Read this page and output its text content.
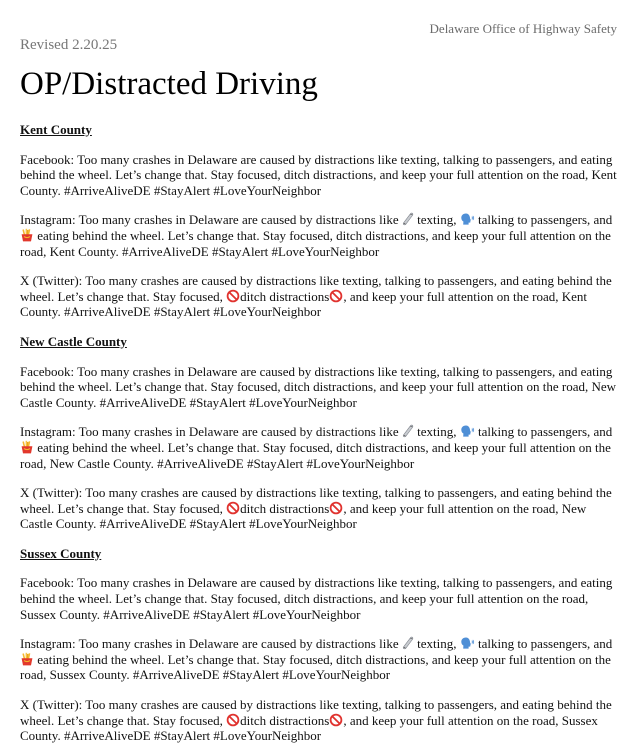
Delaware Office of Highway Safety
Revised 2.20.25
OP/Distracted Driving
Kent County

Facebook: Too many crashes in Delaware are caused by distractions like texting, talking to passengers, and eating behind the wheel. Let’s change that. Stay focused, ditch distractions, and keep your full attention on the road, Kent County. #ArriveAliveDE #StayAlert #LoveYourNeighbor

Instagram: Too many crashes in Delaware are caused by distractions like  texting,  talking to passengers, and  eating behind the wheel. Let’s change that. Stay focused, ditch distractions, and keep your full attention on the road, Kent County. #ArriveAliveDE #StayAlert #LoveYourNeighbor

X (Twitter): Too many crashes are caused by distractions like texting, talking to passengers, and eating behind the wheel. Let’s change that. Stay focused, ditch distractions , and keep your full attention on the road, Kent County. #ArriveAliveDE #StayAlert #LoveYourNeighbor

New Castle County

Facebook: Too many crashes in Delaware are caused by distractions like texting, talking to passengers, and eating behind the wheel. Let’s change that. Stay focused, ditch distractions, and keep your full attention on the road, New Castle County. #ArriveAliveDE #StayAlert #LoveYourNeighbor

Instagram: Too many crashes in Delaware are caused by distractions like  texting,  talking to passengers, and  eating behind the wheel. Let’s change that. Stay focused, ditch distractions, and keep your full attention on the road, New Castle County. #ArriveAliveDE #StayAlert #LoveYourNeighbor

X (Twitter): Too many crashes are caused by distractions like texting, talking to passengers, and eating behind the wheel. Let’s change that. Stay focused, ditch distractions , and keep your full attention on the road, New Castle County. #ArriveAliveDE #StayAlert #LoveYourNeighbor

Sussex County

Facebook: Too many crashes in Delaware are caused by distractions like texting, talking to passengers, and eating behind the wheel. Let’s change that. Stay focused, ditch distractions, and keep your full attention on the road, Sussex County. #ArriveAliveDE #StayAlert #LoveYourNeighbor

Instagram: Too many crashes in Delaware are caused by distractions like  texting,  talking to passengers, and  eating behind the wheel. Let’s change that. Stay focused, ditch distractions, and keep your full attention on the road, Sussex County. #ArriveAliveDE #StayAlert #LoveYourNeighbor

X (Twitter): Too many crashes are caused by distractions like texting, talking to passengers, and eating behind the wheel. Let’s change that. Stay focused, ditch distractions , and keep your full attention on the road, Sussex County. #ArriveAliveDE #StayAlert #LoveYourNeighbor
